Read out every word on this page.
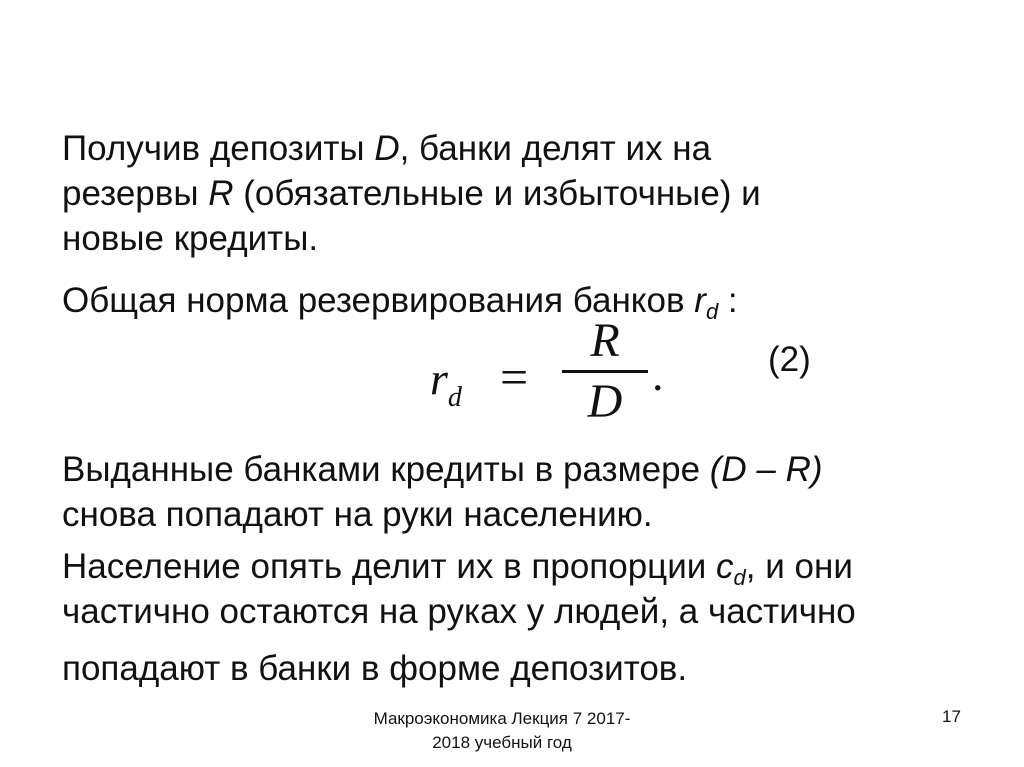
Получив депозиты D, банки делят их на
резервы R (обязательные и избыточные) и
новые кредиты.
Общая норма резервирования банков $r_d$ :
$r_d$ =
R
D
.	(2)
Выданные банками кредиты в размере (D – R)
снова попадают на руки населению.
Население опять делит их в пропорции $c_d$, и они
частично остаются на руках у людей, а частично
попадают в банки в форме депозитов.
Макроэкономика Лекция 7 2017-
2018 учебный год
17
